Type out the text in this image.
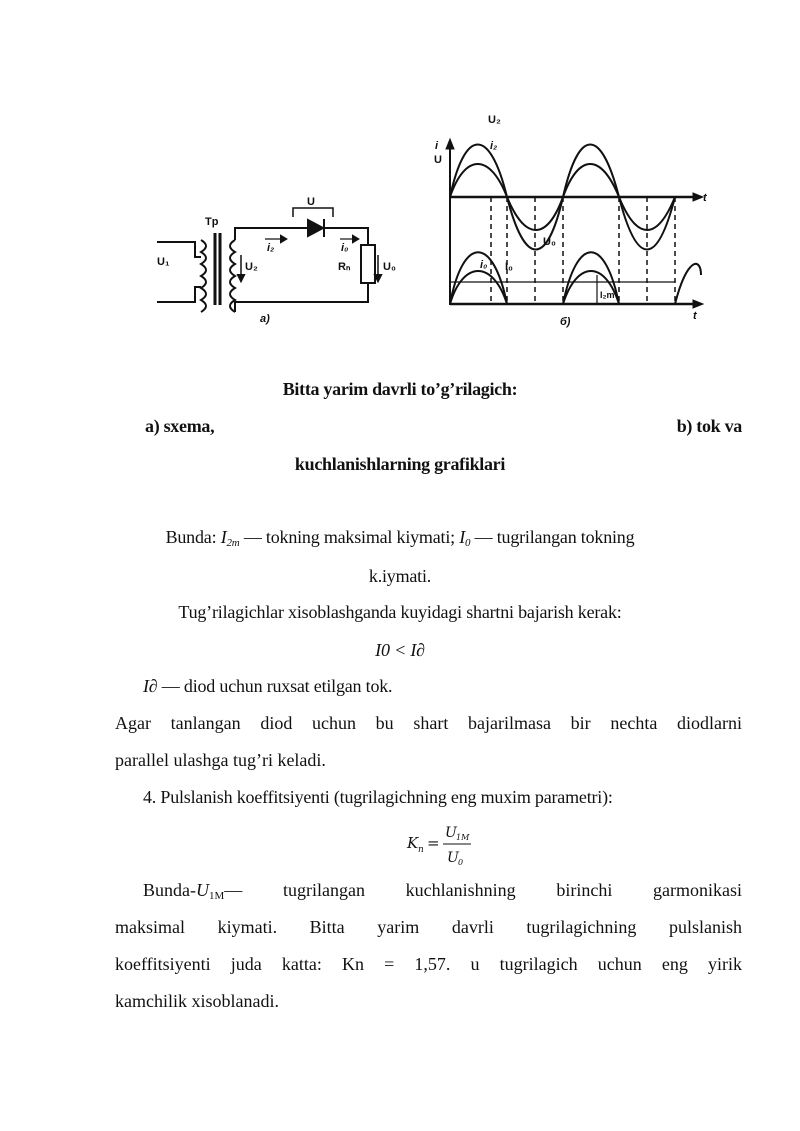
U₁
Tp
U₂
U
i₂	i₀
Rₙ	U₀
a)
U₂
i₂
i
U
t
U₀
I₀
i₀
I₂m
t
б)
Bitta yarim davrli to’g’rilagich:
a) sxema,	b) tok va
kuchlanishlarning grafiklari
Bunda: $I_{2m}$ — tokning maksimal kiymati; $I_0$ — tugrilangan tokning
k.iymati.
Tug’rilagichlar xisoblashganda kuyidagi shartni bajarish kerak:
I0 < I∂
I∂ — diod uchun ruxsat etilgan tok.
Agar tanlangan diod uchun bu shart bajarilmasa bir nechta diodlarni
parallel ulashga tug’ri keladi.
4. Pulslanish koeffitsiyenti (tugrilagichning eng muxim parametri):
K n =
U 1M
U 0
Bunda-$U_{1M}—$ tugrilangan kuchlanishning birinchi garmonikasi
maksimal kiymati. Bitta yarim davrli tugrilagichning pulslanish
koeffitsiyenti juda katta: Kn = 1,57. u tugrilagich uchun eng yirik
kamchilik xisoblanadi.
